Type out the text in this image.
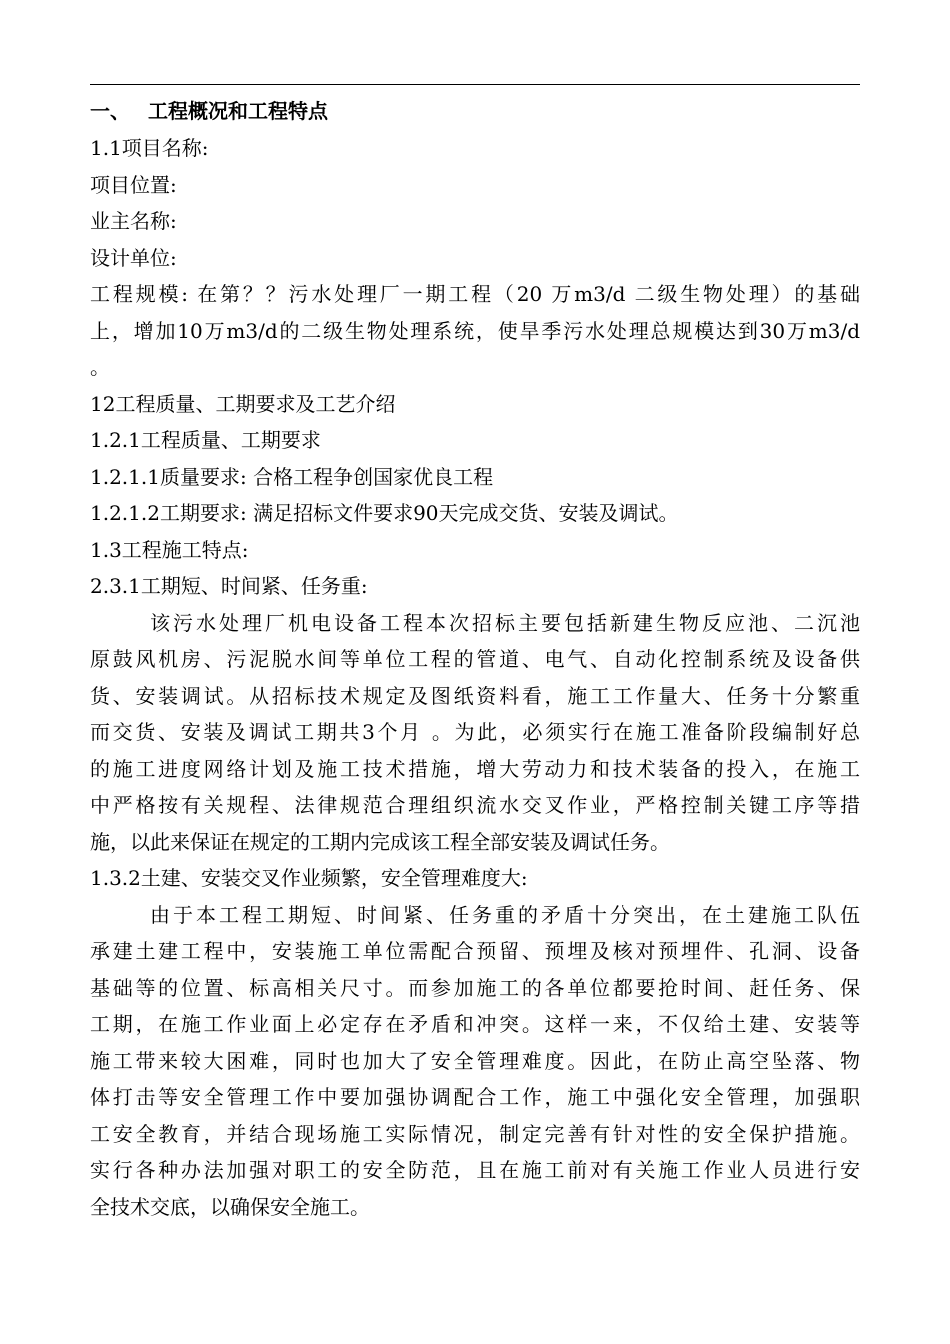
一、 工程概况和工程特点

1.1项目名称:

项目位置:

业主名称:

设计单位:

工程规模: 在第？？污水处理厂一期工程（20 万m3/d 二级生物处理）的基础

上，增加10万m3/d的二级生物处理系统，使旱季污水处理总规模达到30万m3/d

。

12工程质量、工期要求及工艺介绍

1.2.1工程质量、工期要求

1.2.1.1质量要求: 合格工程争创国家优良工程

1.2.1.2工期要求: 满足招标文件要求90天完成交货、安装及调试。

1.3工程施工特点:

2.3.1工期短、时间紧、任务重:

该污水处理厂机电设备工程本次招标主要包括新建生物反应池、二沉池

原鼓风机房、污泥脱水间等单位工程的管道、电气、自动化控制系统及设备供

货、安装调试。从招标技术规定及图纸资料看，施工工作量大、任务十分繁重

而交货、安装及调试工期共3个月 。为此，必须实行在施工准备阶段编制好总

的施工进度网络计划及施工技术措施，增大劳动力和技术装备的投入，在施工

中严格按有关规程、法律规范合理组织流水交叉作业，严格控制关键工序等措

施，以此来保证在规定的工期内完成该工程全部安装及调试任务。

1.3.2土建、安装交叉作业频繁，安全管理难度大:

由于本工程工期短、时间紧、任务重的矛盾十分突出，在土建施工队伍

承建土建工程中，安装施工单位需配合预留、预埋及核对预埋件、孔洞、设备

基础等的位置、标高相关尺寸。而参加施工的各单位都要抢时间、赶任务、保

工期，在施工作业面上必定存在矛盾和冲突。这样一来，不仅给土建、安装等

施工带来较大困难，同时也加大了安全管理难度。因此，在防止高空坠落、物

体打击等安全管理工作中要加强协调配合工作，施工中强化安全管理，加强职

工安全教育，并结合现场施工实际情况，制定完善有针对性的安全保护措施。

实行各种办法加强对职工的安全防范，且在施工前对有关施工作业人员进行安

全技术交底，以确保安全施工。
